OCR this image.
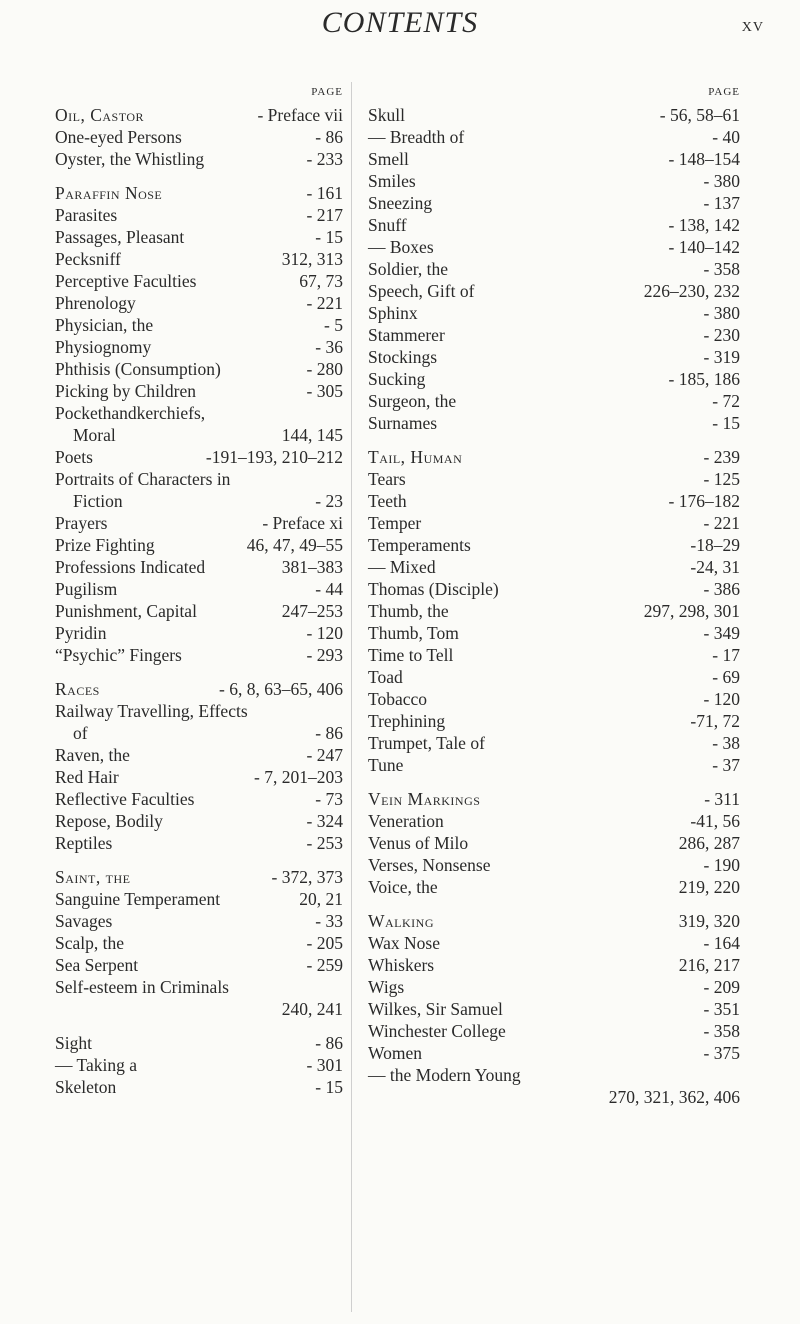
CONTENTS	XV
PAGE
Oil, Castor	- Preface vii
One-eyed Persons	- 86
Oyster, the Whistling	- 233
Paraffin Nose	- 161
Parasites	- 217
Passages, Pleasant	- 15
Pecksniff	312, 313
Perceptive Faculties	67, 73
Phrenology	- 221
Physician, the	- 5
Physiognomy	- 36
Phthisis (Consumption)	- 280
Picking by Children	- 305
Pockethandkerchiefs,
Moral	144, 145
Poets	-191–193, 210–212
Portraits of Characters in
Fiction	- 23
Prayers	- Preface xi
Prize Fighting	46, 47, 49–55
Professions Indicated	381–383
Pugilism	- 44
Punishment, Capital	247–253
Pyridin	- 120
“Psychic” Fingers	- 293
Races	- 6, 8, 63–65, 406
Railway Travelling, Effects
of	- 86
Raven, the	- 247
Red Hair	- 7, 201–203
Reflective Faculties	- 73
Repose, Bodily	- 324
Reptiles	- 253
Saint, the	- 372, 373
Sanguine Temperament	20, 21
Savages	- 33
Scalp, the	- 205
Sea Serpent	- 259
Self-esteem in Criminals
240, 241
Sight	- 86
— Taking a	- 301
Skeleton	- 15
PAGE
Skull	- 56, 58–61
— Breadth of	- 40
Smell	- 148–154
Smiles	- 380
Sneezing	- 137
Snuff	- 138, 142
— Boxes	- 140–142
Soldier, the	- 358
Speech, Gift of	226–230, 232
Sphinx	- 380
Stammerer	- 230
Stockings	- 319
Sucking	- 185, 186
Surgeon, the	- 72
Surnames	- 15
Tail, Human	- 239
Tears	- 125
Teeth	- 176–182
Temper	- 221
Temperaments	-18–29
— Mixed	-24, 31
Thomas (Disciple)	- 386
Thumb, the	297, 298, 301
Thumb, Tom	- 349
Time to Tell	- 17
Toad	- 69
Tobacco	- 120
Trephining	-71, 72
Trumpet, Tale of	- 38
Tune	- 37
Vein Markings	- 311
Veneration	-41, 56
Venus of Milo	286, 287
Verses, Nonsense	- 190
Voice, the	219, 220
Walking	319, 320
Wax Nose	- 164
Whiskers	216, 217
Wigs	- 209
Wilkes, Sir Samuel	- 351
Winchester College	- 358
Women	- 375
— the Modern Young
270, 321, 362, 406
